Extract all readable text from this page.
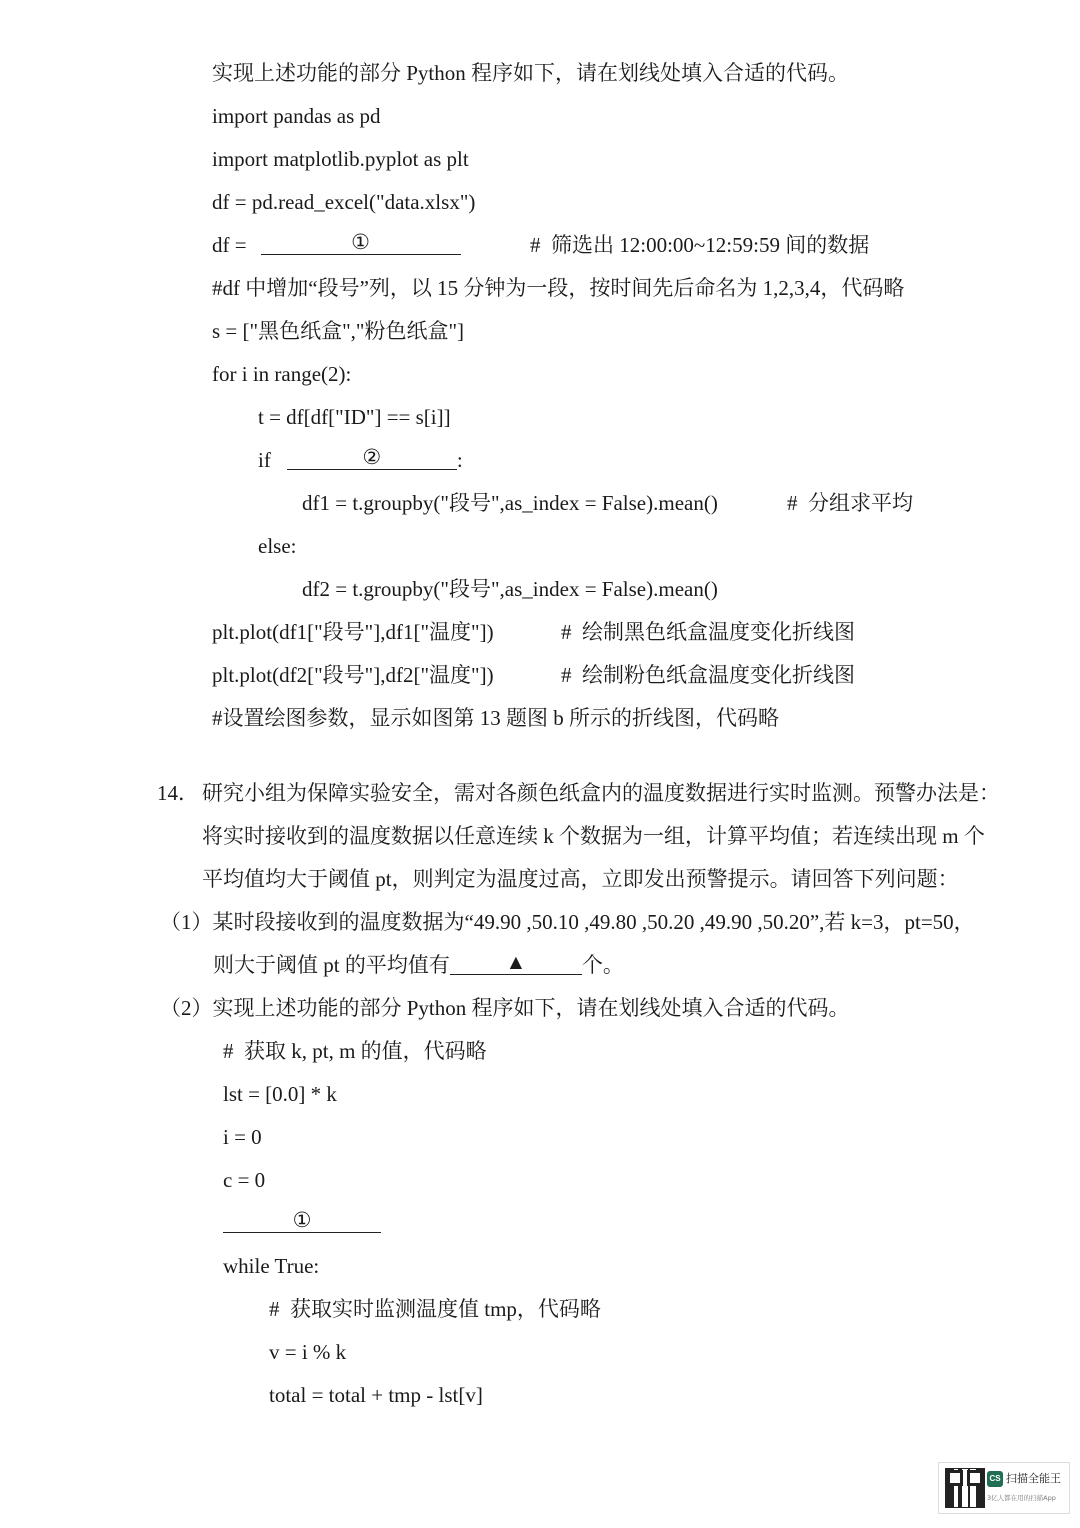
实现上述功能的部分 Python 程序如下，请在划线处填入合适的代码。
import pandas as pd
import matplotlib.pyplot as plt
df = pd.read_excel("data.xlsx")
df =	①	#  筛选出 12:00:00~12:59:59 间的数据
#df 中增加“段号”列，以 15 分钟为一段，按时间先后命名为 1,2,3,4，代码略
s = ["黑色纸盒","粉色纸盒"]
for i in range(2):
t = df[df["ID"] == s[i]]
if	②	:
df1 = t.groupby("段号",as_index = False).mean()	#  分组求平均
else:
df2 = t.groupby("段号",as_index = False).mean()
plt.plot(df1["段号"],df1["温度"])	#  绘制黑色纸盒温度变化折线图
plt.plot(df2["段号"],df2["温度"])	#  绘制粉色纸盒温度变化折线图
#设置绘图参数，显示如图第 13 题图 b 所示的折线图，代码略
14． 研究小组为保障实验安全，需对各颜色纸盒内的温度数据进行实时监测。预警办法是：
将实时接收到的温度数据以任意连续 k 个数据为一组，计算平均值；若连续出现 m 个
平均值均大于阈值 pt，则判定为温度过高，立即发出预警提示。请回答下列问题：
（1）某时段接收到的温度数据为“49.90 ,50.10 ,49.80 ,50.20 ,49.90 ,50.20”,若 k=3，pt=50，
则大于阈值 pt 的平均值有	▲	个。
（2）实现上述功能的部分 Python 程序如下，请在划线处填入合适的代码。
#  获取 k, pt, m 的值，代码略
lst = [0.0] * k
i = 0
c = 0
①
while True:
#  获取实时监测温度值 tmp，代码略
v = i % k
total = total + tmp - lst[v]
CS 扫描全能王
3亿人都在用的扫描App
